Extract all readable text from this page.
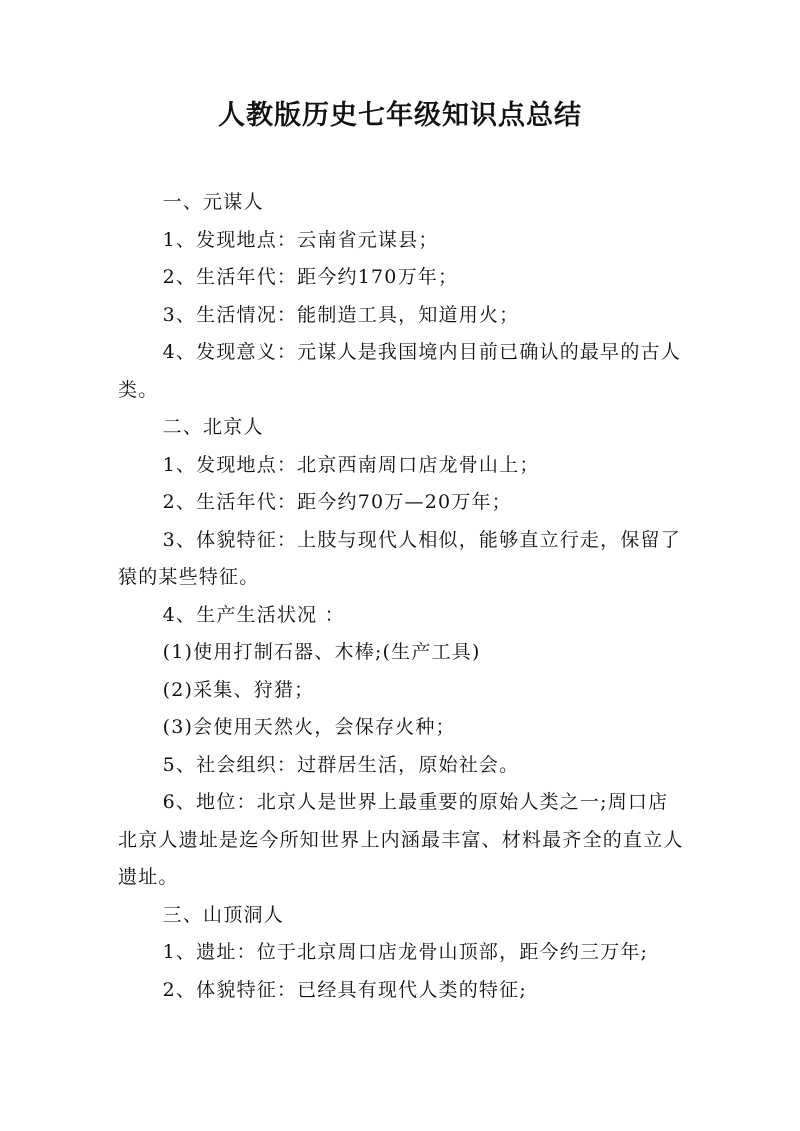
人教版历史七年级知识点总结

一、元谋人

1、发现地点：云南省元谋县；

2、生活年代：距今约170万年；

3、生活情况：能制造工具，知道用火；

4、发现意义：元谋人是我国境内目前已确认的最早的古人类。

二、北京人

1、发现地点：北京西南周口店龙骨山上；

2、生活年代：距今约70万—20万年；

3、体貌特征：上肢与现代人相似，能够直立行走，保留了猿的某些特征。

4、生产生活状况 ：

(1)使用打制石器、木棒;(生产工具)

(2)采集、狩猎；

(3)会使用天然火，会保存火种；

5、社会组织：过群居生活，原始社会。

6、地位：北京人是世界上最重要的原始人类之一;周口店北京人遗址是迄今所知世界上内涵最丰富、材料最齐全的直立人遗址。

三、山顶洞人

1、遗址：位于北京周口店龙骨山顶部，距今约三万年;

2、体貌特征：已经具有现代人类的特征;
